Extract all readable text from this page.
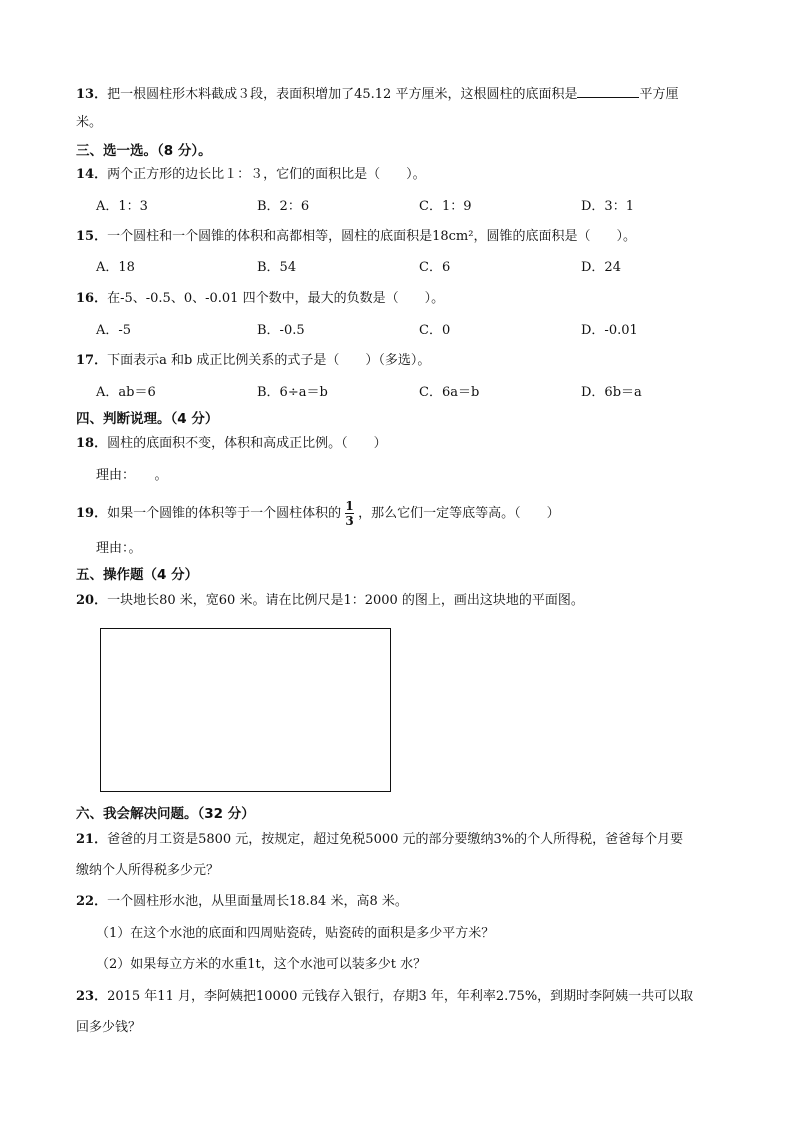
13．把一根圆柱形木料截成３段，表面积增加了45.12 平方厘米，这根圆柱的底面积是	平方厘
米。
三、选一选。（8 分）。
14．两个正方形的边长比１：３，它们的面积比是（　　）。
A．1：3	B．2：6	C．1：9	D．3：1
15．一个圆柱和一个圆锥的体积和高都相等，圆柱的底面积是18cm²，圆锥的底面积是（　　）。
A．18	B．54	C．6	D．24
16．在-5、-0.5、0、-0.01 四个数中，最大的负数是（　　）。
A．-5	B．-0.5	C．0	D．-0.01
17．下面表示a 和b 成正比例关系的式子是（　　）（多选）。
A．ab＝6	B．6÷a＝b	C．6a＝b	D．6b＝a
四、判断说理。（4 分）
18．圆柱的底面积不变，体积和高成正比例。（　　）
理由：　　。
19．如果一个圆锥的体积等于一个圆柱体积的 $\frac{1}{3}$ ，那么它们一定等底等高。（　　）
理由：。
五、操作题（4 分）
20．一块地长80 米，宽60 米。请在比例尺是1：2000 的图上，画出这块地的平面图。
六、我会解决问题。（32 分）
21．爸爸的月工资是5800 元，按规定，超过免税5000 元的部分要缴纳3%的个人所得税，爸爸每个月要
缴纳个人所得税多少元？
22．一个圆柱形水池，从里面量周长18.84 米，高8 米。
（1）在这个水池的底面和四周贴瓷砖，贴瓷砖的面积是多少平方米？
（2）如果每立方米的水重1t，这个水池可以装多少t 水？
23．2015 年11 月，李阿姨把10000 元钱存入银行，存期3 年，年利率2.75%，到期时李阿姨一共可以取
回多少钱？
